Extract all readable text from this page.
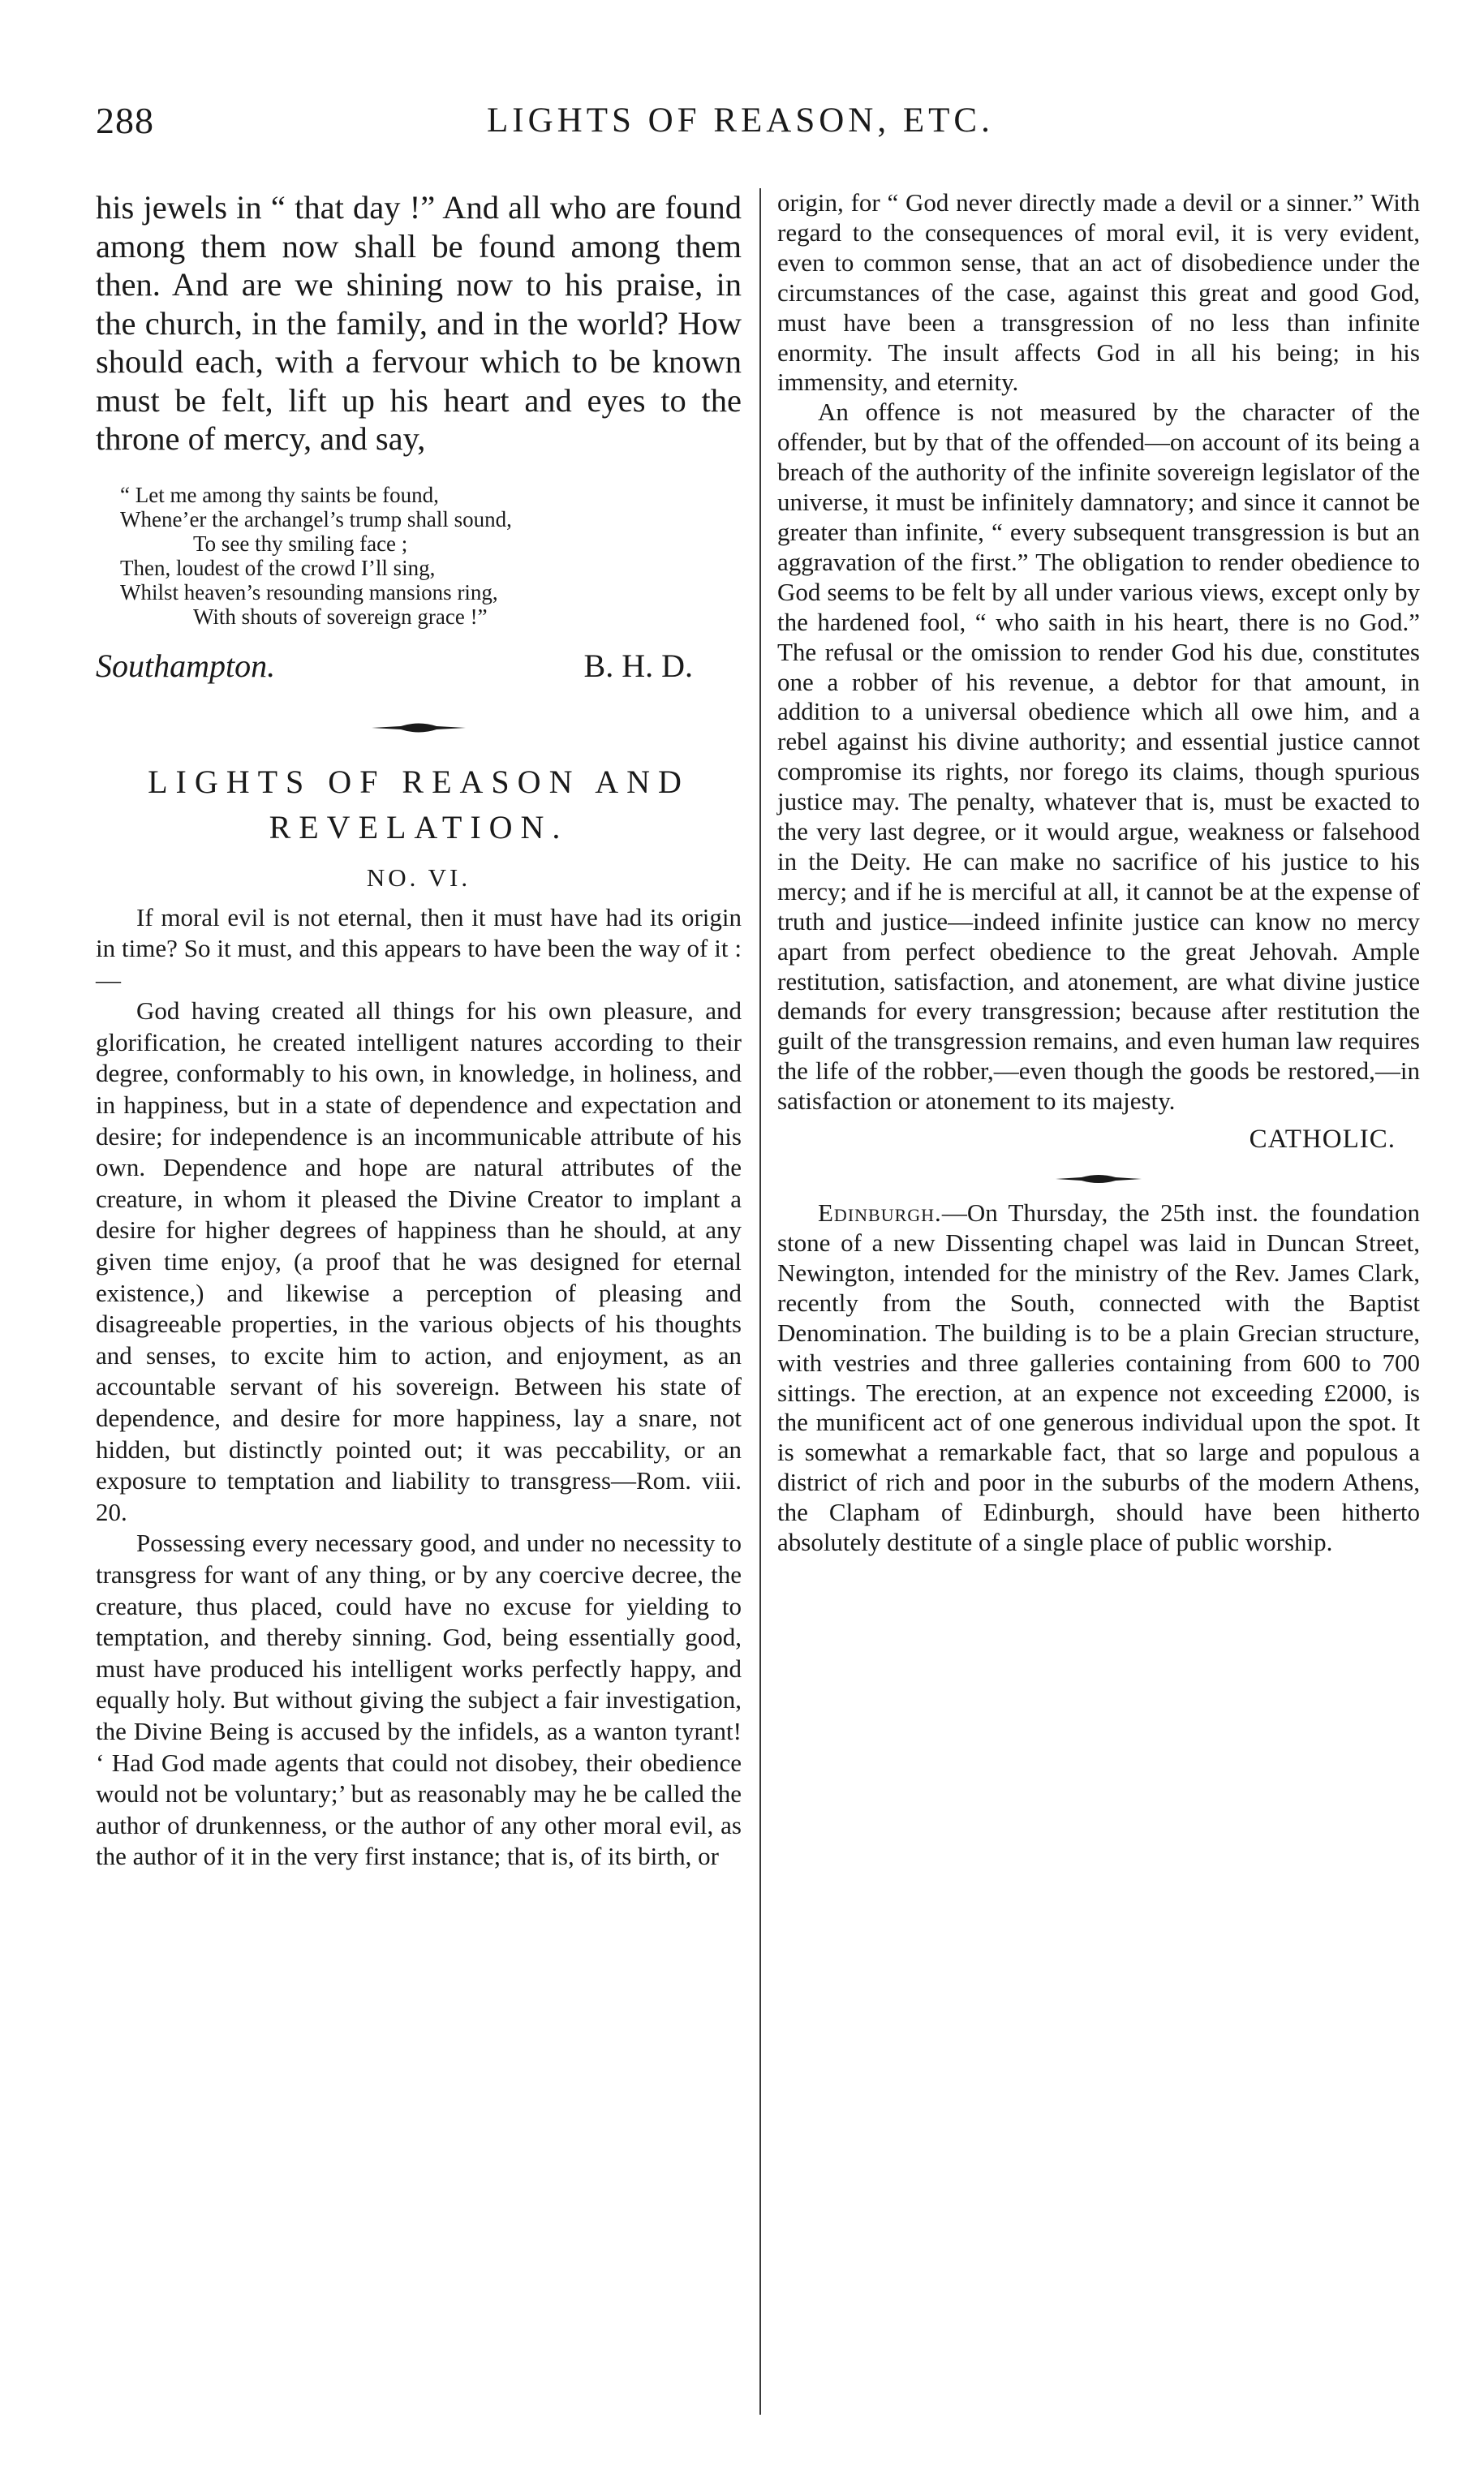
288	LIGHTS OF REASON, ETC.

his jewels in “ that day !” And all who are found among them now shall be found among them then. And are we shining now to his praise, in the church, in the family, and in the world? How should each, with a fervour which to be known must be felt, lift up his heart and eyes to the throne of mercy, and say,

“ Let me among thy saints be found,
Whene’er the archangel’s trump shall sound,
To see thy smiling face ;
Then, loudest of the crowd I’ll sing,
Whilst heaven’s resounding mansions ring,
With shouts of sovereign grace !”
Southampton.	B. H. D.
LIGHTS OF REASON AND
REVELATION.
NO. VI.

If moral evil is not eternal, then it must have had its origin in time? So it must, and this appears to have been the way of it :—

God having created all things for his own pleasure, and glorification, he created intelligent natures according to their degree, conformably to his own, in knowledge, in holiness, and in happiness, but in a state of dependence and expectation and desire; for independence is an incommunicable attribute of his own. Dependence and hope are natural attributes of the creature, in whom it pleased the Divine Creator to implant a desire for higher degrees of happiness than he should, at any given time enjoy, (a proof that he was designed for eternal existence,) and likewise a perception of pleasing and disagreeable properties, in the various objects of his thoughts and senses, to excite him to action, and enjoyment, as an accountable servant of his sovereign. Between his state of dependence, and desire for more happiness, lay a snare, not hidden, but distinctly pointed out; it was peccability, or an exposure to temptation and liability to transgress—Rom. viii. 20.

Possessing every necessary good, and under no necessity to transgress for want of any thing, or by any coercive decree, the creature, thus placed, could have no excuse for yielding to temptation, and thereby sinning. God, being essentially good, must have produced his intelligent works perfectly happy, and equally holy. But without giving the subject a fair investigation, the Divine Being is accused by the infidels, as a wanton tyrant! ‘ Had God made agents that could not disobey, their obedience would not be voluntary;’ but as reasonably may he be called the author of drunkenness, or the author of any other moral evil, as the author of it in the very first instance; that is, of its birth, or

origin, for “ God never directly made a devil or a sinner.” With regard to the consequences of moral evil, it is very evident, even to common sense, that an act of disobedience under the circumstances of the case, against this great and good God, must have been a transgression of no less than infinite enormity. The insult affects God in all his being; in his immensity, and eternity.

An offence is not measured by the character of the offender, but by that of the offended—on account of its being a breach of the authority of the infinite sovereign legislator of the universe, it must be infinitely damnatory; and since it cannot be greater than infinite, “ every subsequent transgression is but an aggravation of the first.” The obligation to render obedience to God seems to be felt by all under various views, except only by the hardened fool, “ who saith in his heart, there is no God.” The refusal or the omission to render God his due, constitutes one a robber of his revenue, a debtor for that amount, in addition to a universal obedience which all owe him, and a rebel against his divine authority; and essential justice cannot compromise its rights, nor forego its claims, though spurious justice may. The penalty, whatever that is, must be exacted to the very last degree, or it would argue, weakness or falsehood in the Deity. He can make no sacrifice of his justice to his mercy; and if he is merciful at all, it cannot be at the expense of truth and justice—indeed infinite justice can know no mercy apart from perfect obedience to the great Jehovah. Ample restitution, satisfaction, and atonement, are what divine justice demands for every transgression; because after restitution the guilt of the transgression remains, and even human law requires the life of the robber,—even though the goods be restored,—in satisfaction or atonement to its majesty.

CATHOLIC.

Edinburgh.—On Thursday, the 25th inst. the foundation stone of a new Dissenting chapel was laid in Duncan Street, Newington, intended for the ministry of the Rev. James Clark, recently from the South, connected with the Baptist Denomination. The building is to be a plain Grecian structure, with vestries and three galleries containing from 600 to 700 sittings. The erection, at an expence not exceeding £2000, is the munificent act of one generous individual upon the spot. It is somewhat a remarkable fact, that so large and populous a district of rich and poor in the suburbs of the modern Athens, the Clapham of Edinburgh, should have been hitherto absolutely destitute of a single place of public worship.
